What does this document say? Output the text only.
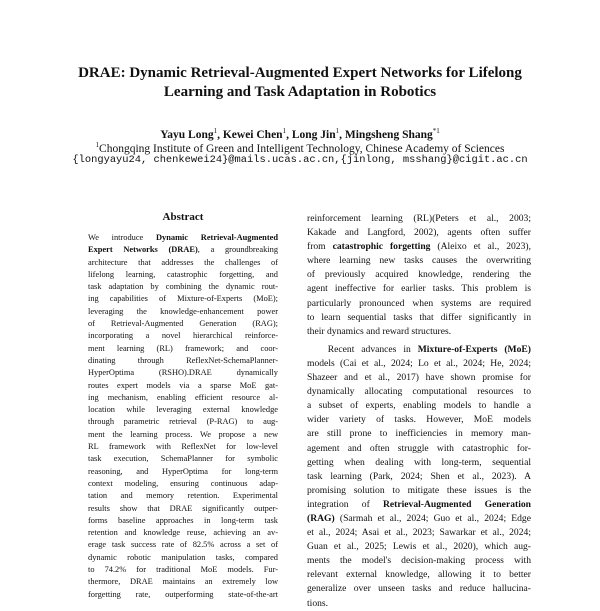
DRAE: Dynamic Retrieval-Augmented Expert Networks for Lifelong
Learning and Task Adaptation in Robotics
Yayu Long$^1$, Kewei Chen$^1$, Long Jin$^1$, Mingsheng Shang$^{*1}$
$^1$Chongqing Institute of Green and Intelligent Technology, Chinese Academy of Sciences
{longyayu24, chenkewei24}@mails.ucas.ac.cn,{jinlong, msshang}@cigit.ac.cn
Abstract
We introduce Dynamic Retrieval-Augmented
Expert Networks (DRAE), a groundbreaking
architecture that addresses the challenges of
lifelong learning, catastrophic forgetting, and
task adaptation by combining the dynamic rout-
ing capabilities of Mixture-of-Experts (MoE);
leveraging the knowledge-enhancement power
of Retrieval-Augmented Generation (RAG);
incorporating a novel hierarchical reinforce-
ment learning (RL) framework; and coor-
dinating through ReflexNet-SchemaPlanner-
HyperOptima (RSHO).DRAE dynamically
routes expert models via a sparse MoE gat-
ing mechanism, enabling efficient resource al-
location while leveraging external knowledge
through parametric retrieval (P-RAG) to aug-
ment the learning process. We propose a new
RL framework with ReflexNet for low-level
task execution, SchemaPlanner for symbolic
reasoning, and HyperOptima for long-term
context modeling, ensuring continuous adap-
tation and memory retention. Experimental
results show that DRAE significantly outper-
forms baseline approaches in long-term task
retention and knowledge reuse, achieving an av-
erage task success rate of 82.5% across a set of
dynamic robotic manipulation tasks, compared
to 74.2% for traditional MoE models. Fur-
thermore, DRAE maintains an extremely low
forgetting rate, outperforming state-of-the-art
reinforcement learning (RL)(Peters et al., 2003;
Kakade and Langford, 2002), agents often suffer
from catastrophic forgetting (Aleixo et al., 2023),
where learning new tasks causes the overwriting
of previously acquired knowledge, rendering the
agent ineffective for earlier tasks. This problem is
particularly pronounced when systems are required
to learn sequential tasks that differ significantly in
their dynamics and reward structures.
Recent advances in Mixture-of-Experts (MoE)
models (Cai et al., 2024; Lo et al., 2024; He, 2024;
Shazeer and et al., 2017) have shown promise for
dynamically allocating computational resources to
a subset of experts, enabling models to handle a
wider variety of tasks. However, MoE models
are still prone to inefficiencies in memory man-
agement and often struggle with catastrophic for-
getting when dealing with long-term, sequential
task learning (Park, 2024; Shen et al., 2023). A
promising solution to mitigate these issues is the
integration of Retrieval-Augmented Generation
(RAG) (Sarmah et al., 2024; Guo et al., 2024; Edge
et al., 2024; Asai et al., 2023; Sawarkar et al., 2024;
Guan et al., 2025; Lewis et al., 2020), which aug-
ments the model's decision-making process with
relevant external knowledge, allowing it to better
generalize over unseen tasks and reduce hallucina-
tions.
